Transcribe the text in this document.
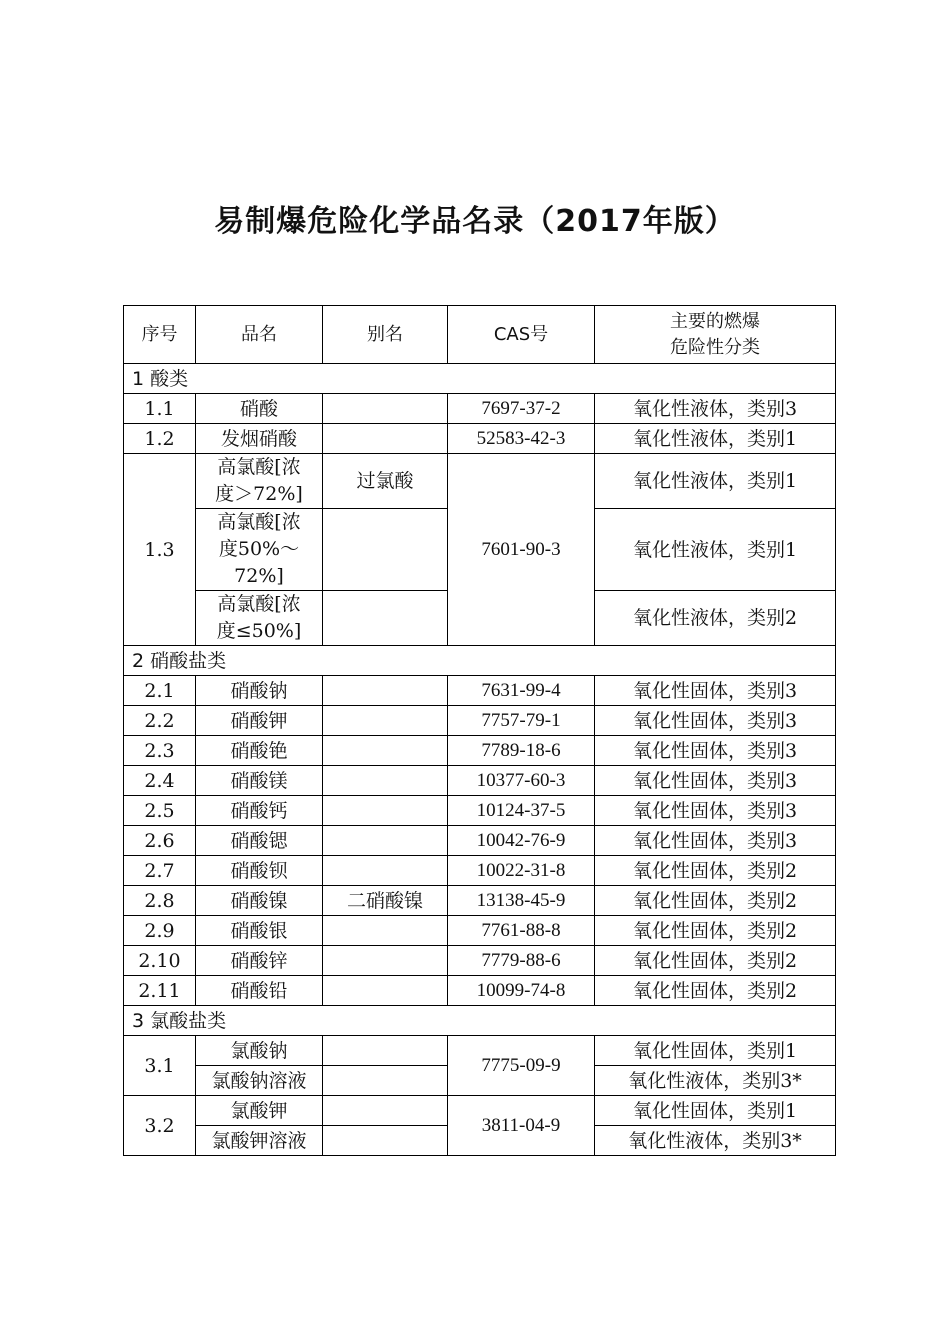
易制爆危险化学品名录（2017年版）
序号	品名	别名	CAS号	主要的燃爆
危险性分类
1 酸类				
1.1	硝酸		7697-37-2	氧化性液体，类别3
1.2	发烟硝酸		52583-42-3	氧化性液体，类别1
1.3	高氯酸[浓
度＞72%]	过氯酸	7601-90-3	氧化性液体，类别1
	高氯酸[浓
度50%～
72%]			氧化性液体，类别1
	高氯酸[浓
度≤50%]			氧化性液体，类别2
2 硝酸盐类				
2.1	硝酸钠		7631-99-4	氧化性固体，类别3
2.2	硝酸钾		7757-79-1	氧化性固体，类别3
2.3	硝酸铯		7789-18-6	氧化性固体，类别3
2.4	硝酸镁		10377-60-3	氧化性固体，类别3
2.5	硝酸钙		10124-37-5	氧化性固体，类别3
2.6	硝酸锶		10042-76-9	氧化性固体，类别3
2.7	硝酸钡		10022-31-8	氧化性固体，类别2
2.8	硝酸镍	二硝酸镍	13138-45-9	氧化性固体，类别2
2.9	硝酸银		7761-88-8	氧化性固体，类别2
2.10	硝酸锌		7779-88-6	氧化性固体，类别2
2.11	硝酸铅		10099-74-8	氧化性固体，类别2
3 氯酸盐类				
3.1	氯酸钠		7775-09-9	氧化性固体，类别1
	氯酸钠溶液			氧化性液体，类别3*
3.2	氯酸钾		3811-04-9	氧化性固体，类别1
	氯酸钾溶液			氧化性液体，类别3*
